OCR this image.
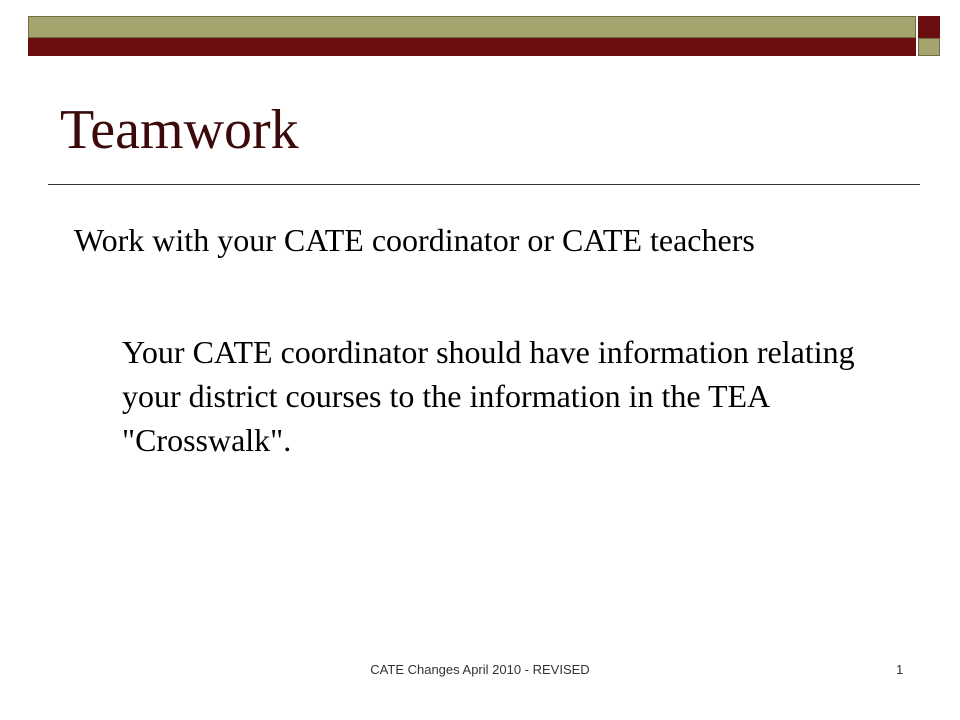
Teamwork

Work with your CATE coordinator or CATE teachers

Your CATE coordinator should have information relating your district courses to the information in the TEA "Crosswalk".

CATE Changes April 2010 - REVISED	1
